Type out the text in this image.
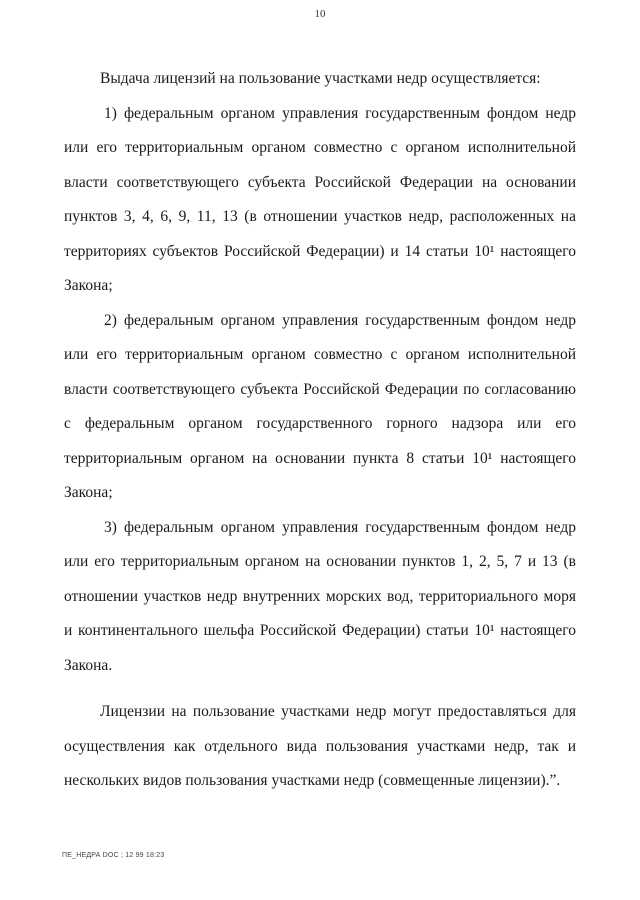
10

Выдача лицензий на пользование участками недр осуществляется:

1) федеральным органом управления государственным фондом недр или его территориальным органом совместно с органом исполнительной власти соответствующего субъекта Российской Федерации на основании пунктов 3, 4, 6, 9, 11, 13 (в отношении участков недр, расположенных на территориях субъектов Российской Федерации) и 14 статьи 10¹ настоящего Закона;

2) федеральным органом управления государственным фондом недр или его территориальным органом совместно с органом исполнительной власти соответствующего субъекта Российской Федерации по согласованию с федеральным органом государственного горного надзора или его территориальным органом на основании пункта 8 статьи 10¹ настоящего Закона;

3) федеральным органом управления государственным фондом недр или его территориальным органом на основании пунктов 1, 2, 5, 7 и 13 (в отношении участков недр внутренних морских вод, территориального моря и континентального шельфа Российской Федерации) статьи 10¹ настоящего Закона.

Лицензии на пользование участками недр могут предоставляться для осуществления как отдельного вида пользования участками недр, так и нескольких видов пользования участками недр (совмещенные лицензии).”.

ПЕ_НЕДРА DOC ; 12 99 18:23
